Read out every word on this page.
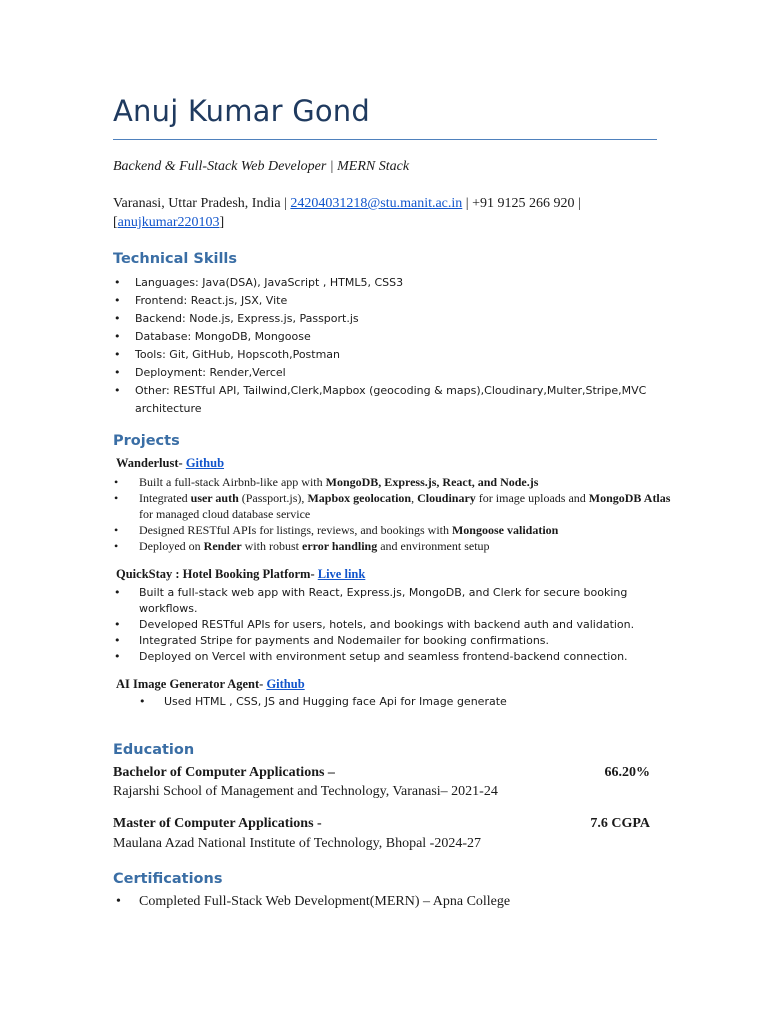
Anuj Kumar Gond
Backend & Full-Stack Web Developer | MERN Stack
Varanasi, Uttar Pradesh, India | 24204031218@stu.manit.ac.in | +91 9125 266 920 |
[anujkumar220103]
Technical Skills
• Languages: Java(DSA), JavaScript , HTML5, CSS3
• Frontend: React.js, JSX, Vite
• Backend: Node.js, Express.js, Passport.js
• Database: MongoDB, Mongoose
• Tools: Git, GitHub, Hopscoth,Postman
• Deployment: Render,Vercel
• Other: RESTful API, Tailwind,Clerk,Mapbox (geocoding & maps),Cloudinary,Multer,Stripe,MVC architecture
Projects
Wanderlust- Github
• Built a full-stack Airbnb-like app with MongoDB, Express.js, React, and Node.js
• Integrated user auth (Passport.js), Mapbox geolocation, Cloudinary for image uploads and MongoDB Atlas for managed cloud database service
• Designed RESTful APIs for listings, reviews, and bookings with Mongoose validation
• Deployed on Render with robust error handling and environment setup
QuickStay : Hotel Booking Platform- Live link
• Built a full-stack web app with React, Express.js, MongoDB, and Clerk for secure booking workflows.
• Developed RESTful APIs for users, hotels, and bookings with backend auth and validation.
• Integrated Stripe for payments and Nodemailer for booking confirmations.
• Deployed on Vercel with environment setup and seamless frontend-backend connection.
AI Image Generator Agent- Github
• Used HTML , CSS, JS and Hugging face Api for Image generate
Education
Bachelor of Computer Applications –	66.20%
Rajarshi School of Management and Technology, Varanasi– 2021-24
Master of Computer Applications -	7.6 CGPA
Maulana Azad National Institute of Technology, Bhopal -2024-27
Certifications
• Completed Full-Stack Web Development(MERN) – Apna College
